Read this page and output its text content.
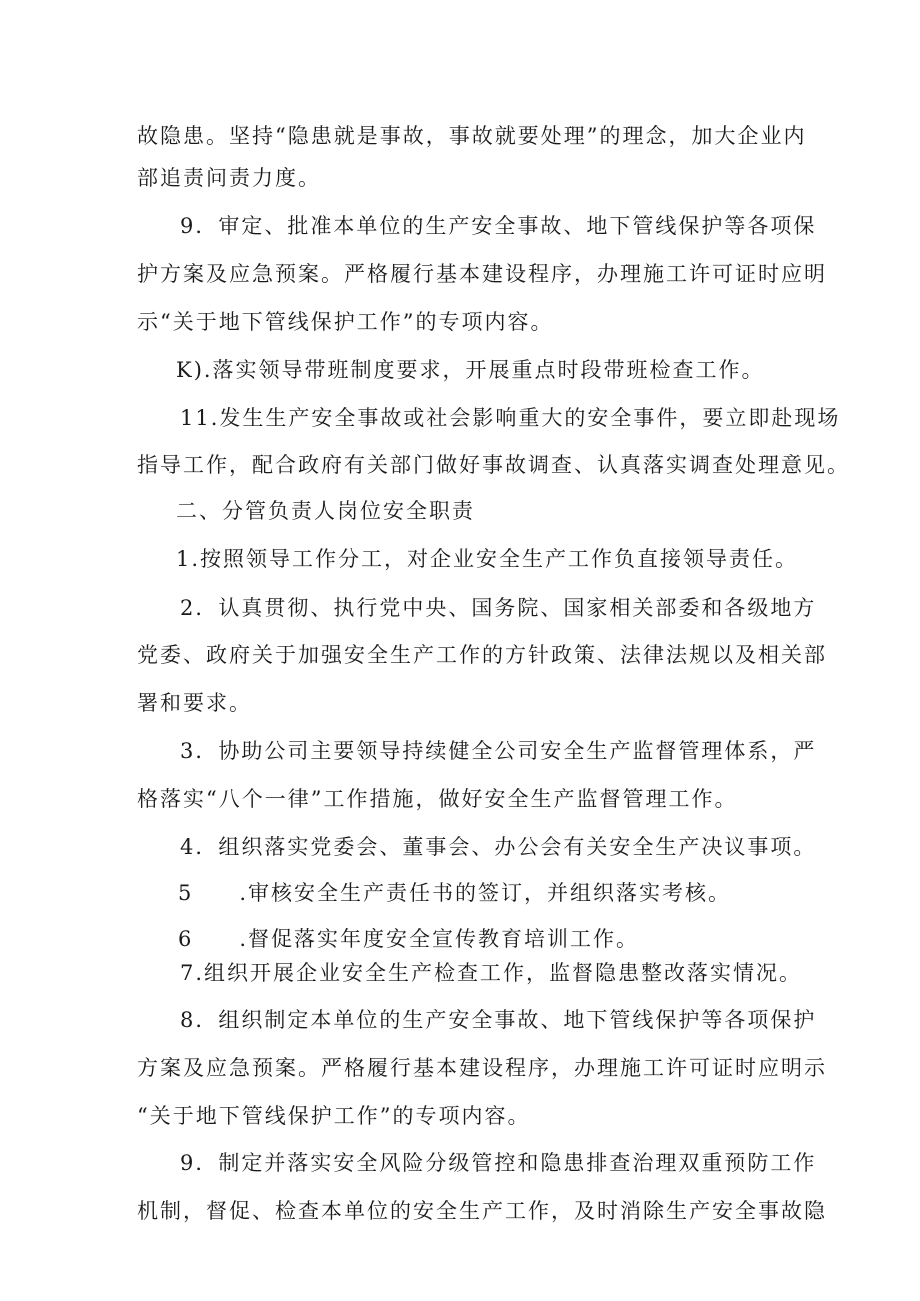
故隐患。坚持“隐患就是事故，事故就要处理”的理念，加大企业内
部追责问责力度。
9．审定、批准本单位的生产安全事故、地下管线保护等各项保
护方案及应急预案。严格履行基本建设程序，办理施工许可证时应明
示“关于地下管线保护工作”的专项内容。
K).落实领导带班制度要求，开展重点时段带班检查工作。
11.发生生产安全事故或社会影响重大的安全事件，要立即赴现场
指导工作，配合政府有关部门做好事故调查、认真落实调查处理意见。
二、分管负责人岗位安全职责
1.按照领导工作分工，对企业安全生产工作负直接领导责任。
2．认真贯彻、执行党中央、国务院、国家相关部委和各级地方
党委、政府关于加强安全生产工作的方针政策、法律法规以及相关部
署和要求。
3．协助公司主要领导持续健全公司安全生产监督管理体系，严
格落实“八个一律”工作措施，做好安全生产监督管理工作。
4．组织落实党委会、董事会、办公会有关安全生产决议事项。
5　　.审核安全生产责任书的签订，并组织落实考核。
6　　.督促落实年度安全宣传教育培训工作。
7.组织开展企业安全生产检查工作，监督隐患整改落实情况。
8．组织制定本单位的生产安全事故、地下管线保护等各项保护
方案及应急预案。严格履行基本建设程序，办理施工许可证时应明示
“关于地下管线保护工作”的专项内容。
9．制定并落实安全风险分级管控和隐患排查治理双重预防工作
机制，督促、检查本单位的安全生产工作，及时消除生产安全事故隐
